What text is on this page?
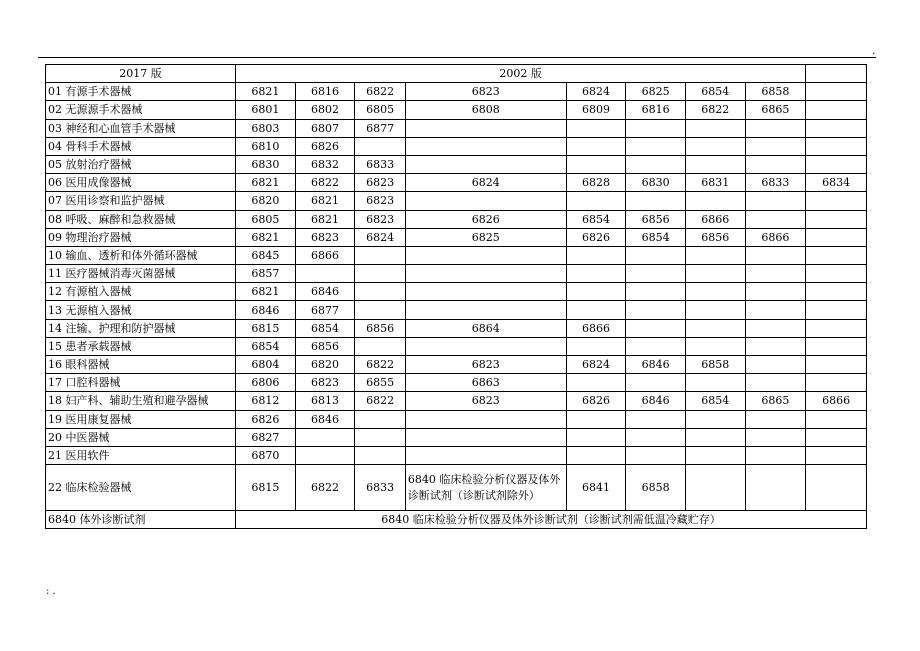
.
2017 版	2002 版								
01 有源手术器械	6821	6816	6822	6823	6824	6825	6854	6858	
02 无源源手术器械	6801	6802	6805	6808	6809	6816	6822	6865	
03 神经和心血管手术器械	6803	6807	6877						
04 骨科手术器械	6810	6826							
05 放射治疗器械	6830	6832	6833						
06 医用成像器械	6821	6822	6823	6824	6828	6830	6831	6833	6834
07 医用诊察和监护器械	6820	6821	6823						
08 呼吸、麻醉和急救器械	6805	6821	6823	6826	6854	6856	6866		
09 物理治疗器械	6821	6823	6824	6825	6826	6854	6856	6866	
10 输血、透析和体外循环器械	6845	6866							
11 医疗器械消毒灭菌器械	6857								
12 有源植入器械	6821	6846							
13 无源植入器械	6846	6877							
14 注输、护理和防护器械	6815	6854	6856	6864	6866				
15 患者承载器械	6854	6856							
16 眼科器械	6804	6820	6822	6823	6824	6846	6858		
17 口腔科器械	6806	6823	6855	6863					
18 妇产科、辅助生殖和避孕器械	6812	6813	6822	6823	6826	6846	6854	6865	6866
19 医用康复器械	6826	6846							
20 中医器械	6827								
21 医用软件	6870								
22 临床检验器械	6815	6822	6833	6840 临床检验分析仪器及体外诊断试剂（诊断试剂除外）	6841	6858			
6840 体外诊断试剂	6840 临床检验分析仪器及体外诊断试剂（诊断试剂需低温冷藏贮存）								
: .
